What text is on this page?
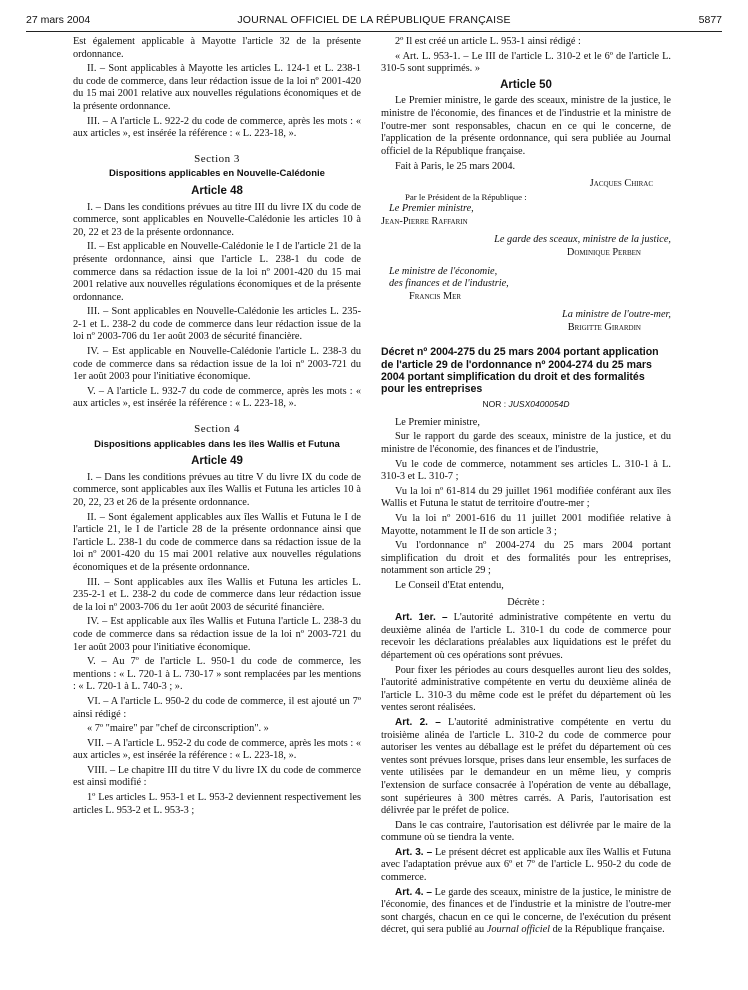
27 mars 2004	JOURNAL OFFICIEL DE LA RÉPUBLIQUE FRANÇAISE	5877

Est également applicable à Mayotte l'article 32 de la présente ordonnance.

II. – Sont applicables à Mayotte les articles L. 124-1 et L. 238-1 du code de commerce, dans leur rédaction issue de la loi nº 2001-420 du 15 mai 2001 relative aux nouvelles régulations économiques et de la présente ordonnance.

III. – A l'article L. 922-2 du code de commerce, après les mots : « aux articles », est insérée la référence : « L. 223-18, ».

Section 3
Dispositions applicables en Nouvelle-Calédonie
Article 48

I. – Dans les conditions prévues au titre III du livre IX du code de commerce, sont applicables en Nouvelle-Calédonie les articles 10 à 20, 22 et 23 de la présente ordonnance.

II. – Est applicable en Nouvelle-Calédonie le I de l'article 21 de la présente ordonnance, ainsi que l'article L. 238-1 du code de commerce dans sa rédaction issue de la loi nº 2001-420 du 15 mai 2001 relative aux nouvelles régulations économiques et de la présente ordonnance.

III. – Sont applicables en Nouvelle-Calédonie les articles L. 235-2-1 et L. 238-2 du code de commerce dans leur rédaction issue de la loi nº 2003-706 du 1er août 2003 de sécurité financière.

IV. – Est applicable en Nouvelle-Calédonie l'article L. 238-3 du code de commerce dans sa rédaction issue de la loi nº 2003-721 du 1er août 2003 pour l'initiative économique.

V. – A l'article L. 932-7 du code de commerce, après les mots : « aux articles », est insérée la référence : « L. 223-18, ».

Section 4
Dispositions applicables dans les îles Wallis et Futuna
Article 49

I. – Dans les conditions prévues au titre V du livre IX du code de commerce, sont applicables aux îles Wallis et Futuna les articles 10 à 20, 22, 23 et 26 de la présente ordonnance.

II. – Sont également applicables aux îles Wallis et Futuna le I de l'article 21, le I de l'article 28 de la présente ordonnance ainsi que l'article L. 238-1 du code de commerce dans sa rédaction issue de la loi nº 2001-420 du 15 mai 2001 relative aux nouvelles régulations économiques et de la présente ordonnance.

III. – Sont applicables aux îles Wallis et Futuna les articles L. 235-2-1 et L. 238-2 du code de commerce dans leur rédaction issue de la loi nº 2003-706 du 1er août 2003 de sécurité financière.

IV. – Est applicable aux îles Wallis et Futuna l'article L. 238-3 du code de commerce dans sa rédaction issue de la loi nº 2003-721 du 1er août 2003 pour l'initiative économique.

V. – Au 7º de l'article L. 950-1 du code de commerce, les mentions : « L. 720-1 à L. 730-17 » sont remplacées par les mentions : « L. 720-1 à L. 740-3 ; ».

VI. – A l'article L. 950-2 du code de commerce, il est ajouté un 7º ainsi rédigé :

« 7º "maire" par "chef de circonscription". »

VII. – A l'article L. 952-2 du code de commerce, après les mots : « aux articles », est insérée la référence : « L. 223-18, ».

VIII. – Le chapitre III du titre V du livre IX du code de commerce est ainsi modifié :

1º Les articles L. 953-1 et L. 953-2 deviennent respectivement les articles L. 953-2 et L. 953-3 ;

2º Il est créé un article L. 953-1 ainsi rédigé :

« Art. L. 953-1. – Le III de l'article L. 310-2 et le 6º de l'article L. 310-5 sont supprimés. »

Article 50

Le Premier ministre, le garde des sceaux, ministre de la justice, le ministre de l'économie, des finances et de l'industrie et la ministre de l'outre-mer sont responsables, chacun en ce qui le concerne, de l'application de la présente ordonnance, qui sera publiée au Journal officiel de la République française.

Fait à Paris, le 25 mars 2004.
Jacques Chirac
Par le Président de la République :
Le Premier ministre,
Jean-Pierre Raffarin
Le garde des sceaux, ministre de la justice,
Dominique Perben
Le ministre de l'économie,
des finances et de l'industrie,
Francis Mer
La ministre de l'outre-mer,
Brigitte Girardin
Décret nº 2004-275 du 25 mars 2004 portant application de l'article 29 de l'ordonnance nº 2004-274 du 25 mars 2004 portant simplification du droit et des formalités pour les entreprises
NOR : JUSX0400054D

Le Premier ministre,

Sur le rapport du garde des sceaux, ministre de la justice, et du ministre de l'économie, des finances et de l'industrie,

Vu le code de commerce, notamment ses articles L. 310-1 à L. 310-3 et L. 310-7 ;

Vu la loi nº 61-814 du 29 juillet 1961 modifiée conférant aux îles Wallis et Futuna le statut de territoire d'outre-mer ;

Vu la loi nº 2001-616 du 11 juillet 2001 modifiée relative à Mayotte, notamment le II de son article 3 ;

Vu l'ordonnance nº 2004-274 du 25 mars 2004 portant simplification du droit et des formalités pour les entreprises, notamment son article 29 ;

Le Conseil d'Etat entendu,

Décrète :

Art. 1er. – L'autorité administrative compétente en vertu du deuxième alinéa de l'article L. 310-1 du code de commerce pour recevoir les déclarations préalables aux liquidations est le préfet du département où ces opérations sont prévues.

Pour fixer les périodes au cours desquelles auront lieu des soldes, l'autorité administrative compétente en vertu du deuxième alinéa de l'article L. 310-3 du même code est le préfet du département où les ventes seront réalisées.

Art. 2. – L'autorité administrative compétente en vertu du troisième alinéa de l'article L. 310-2 du code de commerce pour autoriser les ventes au déballage est le préfet du département où ces ventes sont prévues lorsque, prises dans leur ensemble, les surfaces de vente utilisées par le demandeur en un même lieu, y compris l'extension de surface consacrée à l'opération de vente au déballage, sont supérieures à 300 mètres carrés. A Paris, l'autorisation est délivrée par le préfet de police.

Dans le cas contraire, l'autorisation est délivrée par le maire de la commune où se tiendra la vente.

Art. 3. – Le présent décret est applicable aux îles Wallis et Futuna avec l'adaptation prévue aux 6º et 7º de l'article L. 950-2 du code de commerce.

Art. 4. – Le garde des sceaux, ministre de la justice, le ministre de l'économie, des finances et de l'industrie et la ministre de l'outre-mer sont chargés, chacun en ce qui le concerne, de l'exécution du présent décret, qui sera publié au Journal officiel de la République française.
